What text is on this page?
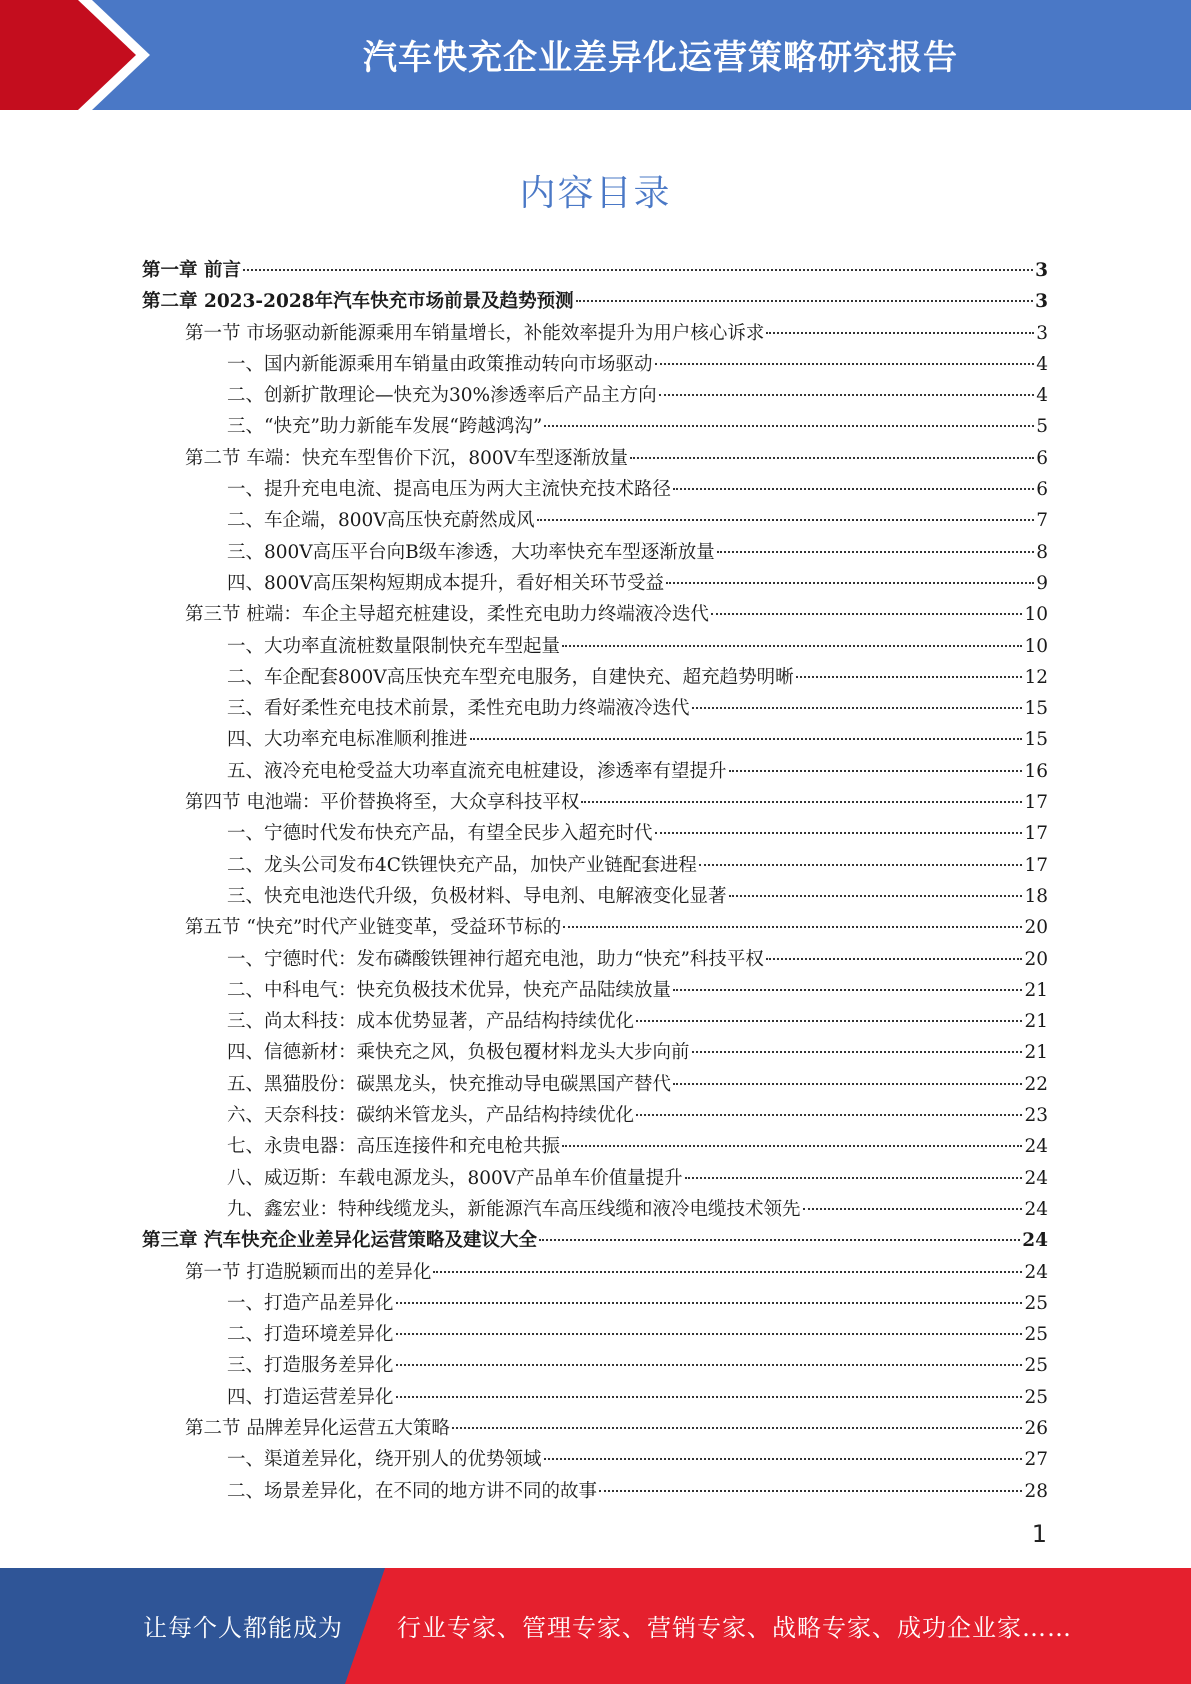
汽车快充企业差异化运营策略研究报告
内容目录
第一章 前言	3
第二章 2023-2028年汽车快充市场前景及趋势预测	3
第一节 市场驱动新能源乘用车销量增长，补能效率提升为用户核心诉求	3
一、国内新能源乘用车销量由政策推动转向市场驱动	4
二、创新扩散理论—快充为30%渗透率后产品主方向	4
三、“快充”助力新能车发展“跨越鸿沟”	5
第二节 车端：快充车型售价下沉，800V车型逐渐放量	6
一、提升充电电流、提高电压为两大主流快充技术路径	6
二、车企端，800V高压快充蔚然成风	7
三、800V高压平台向B级车渗透，大功率快充车型逐渐放量	8
四、800V高压架构短期成本提升，看好相关环节受益	9
第三节 桩端：车企主导超充桩建设，柔性充电助力终端液冷迭代	10
一、大功率直流桩数量限制快充车型起量	10
二、车企配套800V高压快充车型充电服务，自建快充、超充趋势明晰	12
三、看好柔性充电技术前景，柔性充电助力终端液冷迭代	15
四、大功率充电标准顺利推进	15
五、液冷充电枪受益大功率直流充电桩建设，渗透率有望提升	16
第四节 电池端：平价替换将至，大众享科技平权	17
一、宁德时代发布快充产品，有望全民步入超充时代	17
二、龙头公司发布4C铁锂快充产品，加快产业链配套进程	17
三、快充电池迭代升级，负极材料、导电剂、电解液变化显著	18
第五节 “快充”时代产业链变革，受益环节标的	20
一、宁德时代：发布磷酸铁锂神行超充电池，助力“快充”科技平权	20
二、中科电气：快充负极技术优异，快充产品陆续放量	21
三、尚太科技：成本优势显著，产品结构持续优化	21
四、信德新材：乘快充之风，负极包覆材料龙头大步向前	21
五、黑猫股份：碳黑龙头，快充推动导电碳黑国产替代	22
六、天奈科技：碳纳米管龙头，产品结构持续优化	23
七、永贵电器：高压连接件和充电枪共振	24
八、威迈斯：车载电源龙头，800V产品单车价值量提升	24
九、鑫宏业：特种线缆龙头，新能源汽车高压线缆和液冷电缆技术领先	24
第三章 汽车快充企业差异化运营策略及建议大全	24
第一节 打造脱颖而出的差异化	24
一、打造产品差异化	25
二、打造环境差异化	25
三、打造服务差异化	25
四、打造运营差异化	25
第二节 品牌差异化运营五大策略	26
一、渠道差异化，绕开别人的优势领域	27
二、场景差异化，在不同的地方讲不同的故事	28
1
让每个人都能成为 行业专家、管理专家、营销专家、战略专家、成功企业家……
